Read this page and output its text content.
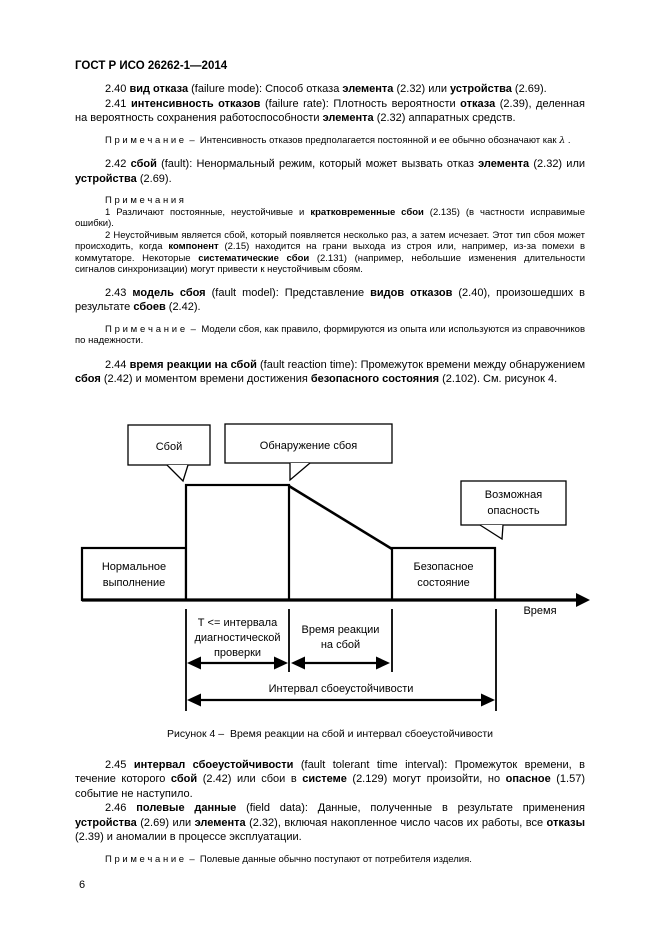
ГОСТ Р ИСО 26262-1—2014

2.40 вид отказа (failure mode): Способ отказа элемента (2.32) или устройства (2.69).

2.41 интенсивность отказов (failure rate): Плотность вероятности отказа (2.39), деленная на вероятность сохранения работоспособности элемента (2.32) аппаратных средств.

П р и м е ч а н и е  –  Интенсивность отказов предполагается постоянной и ее обычно обозначают как λ .

2.42 сбой (fault): Ненормальный режим, который может вызвать отказ элемента (2.32) или устройства (2.69).

П р и м е ч а н и я

1 Различают постоянные, неустойчивые и кратковременные сбои (2.135) (в частности исправимые ошибки).

2 Неустойчивым является сбой, который появляется несколько раз, а затем исчезает. Этот тип сбоя может происходить, когда компонент (2.15) находится на грани выхода из строя или, например, из-за помехи в коммутаторе. Некоторые систематические сбои (2.131) (например, небольшие изменения длительности сигналов синхронизации) могут привести к неустойчивым сбоям.

2.43 модель сбоя (fault model): Представление видов отказов (2.40), произошедших в результате сбоев (2.42).

П р и м е ч а н и е  –  Модели сбоя, как правило, формируются из опыта или используются из справочников по надежности.

2.44 время реакции на сбой (fault reaction time): Промежуток времени между обнаружением сбоя (2.42) и моментом времени достижения безопасного состояния (2.102). См. рисунок 4.

Сбой	Обнаружение сбоя
Возможная
опасность
Нормальное
выполнение
Безопасное
состояние
Время
Т <= интервала
диагностической
проверки
Время реакции
на сбой
Интервал сбоеустойчивости
Рисунок 4 –  Время реакции на сбой и интервал сбоеустойчивости

2.45 интервал сбоеустойчивости (fault tolerant time interval): Промежуток времени, в течение которого сбой (2.42) или сбои в системе (2.129) могут произойти, но опасное (1.57) событие не наступило.

2.46 полевые данные (field data): Данные, полученные в результате применения устройства (2.69) или элемента (2.32), включая накопленное число часов их работы, все отказы (2.39) и аномалии в процессе эксплуатации.

П р и м е ч а н и е  –  Полевые данные обычно поступают от потребителя изделия.

6
